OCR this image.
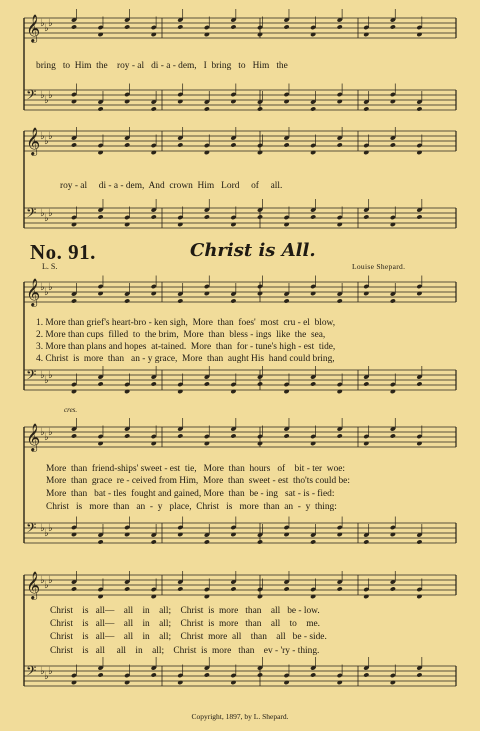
𝄞 ♭ ♭ ♭
𝄢 ♭ ♭ ♭
𝄞 ♭ ♭ ♭
𝄢 ♭ ♭ ♭
𝄞 ♭ ♭ ♭
𝄢 ♭ ♭ ♭
𝄞 ♭ ♭ ♭
𝄢 ♭ ♭ ♭
𝄞 ♭ ♭ ♭
𝄢 ♭ ♭ ♭
bring   to  Him  the    roy - al   di - a - dem,   I  bring   to   Him   the
roy - al     di - a - dem,  And  crown  Him   Lord     of     all.
No. 91.	Christ is All.
L. S.	Louise Shepard.
1. More than grief's heart-bro - ken sigh,  More  than  foes'  most  cru - el  blow,
2. More than cups  filled  to  the brim,  More  than  bless - ings  like  the  sea,
3. More than plans and hopes  at-tained.  More  than  for - tune's high - est  tide,
4. Christ  is  more  than   an - y grace,  More  than  aught His  hand could bring,
cres.
More  than  friend-ships' sweet - est  tie,   More  than  hours   of    bit - ter  woe:
More  than  grace  re - ceived from Him,  More  than  sweet - est  tho'ts could be:
More  than   bat - tles  fought and gained, More  than  be - ing   sat - is - fied:
Christ   is   more  than   an  -  y   place,  Christ   is   more  than  an  -  y  thing:
Christ    is   all—    all    in    all;    Christ  is  more   than    all   be - low.
Christ    is   all—    all    in    all;    Christ  is  more   than    all    to    me.
Christ    is   all—    all    in    all;    Christ  more  all    than    all   be - side.
Christ    is   all     all    in    all;    Christ  is  more   than    ev - 'ry - thing.
Copyright, 1897, by L. Shepard.
